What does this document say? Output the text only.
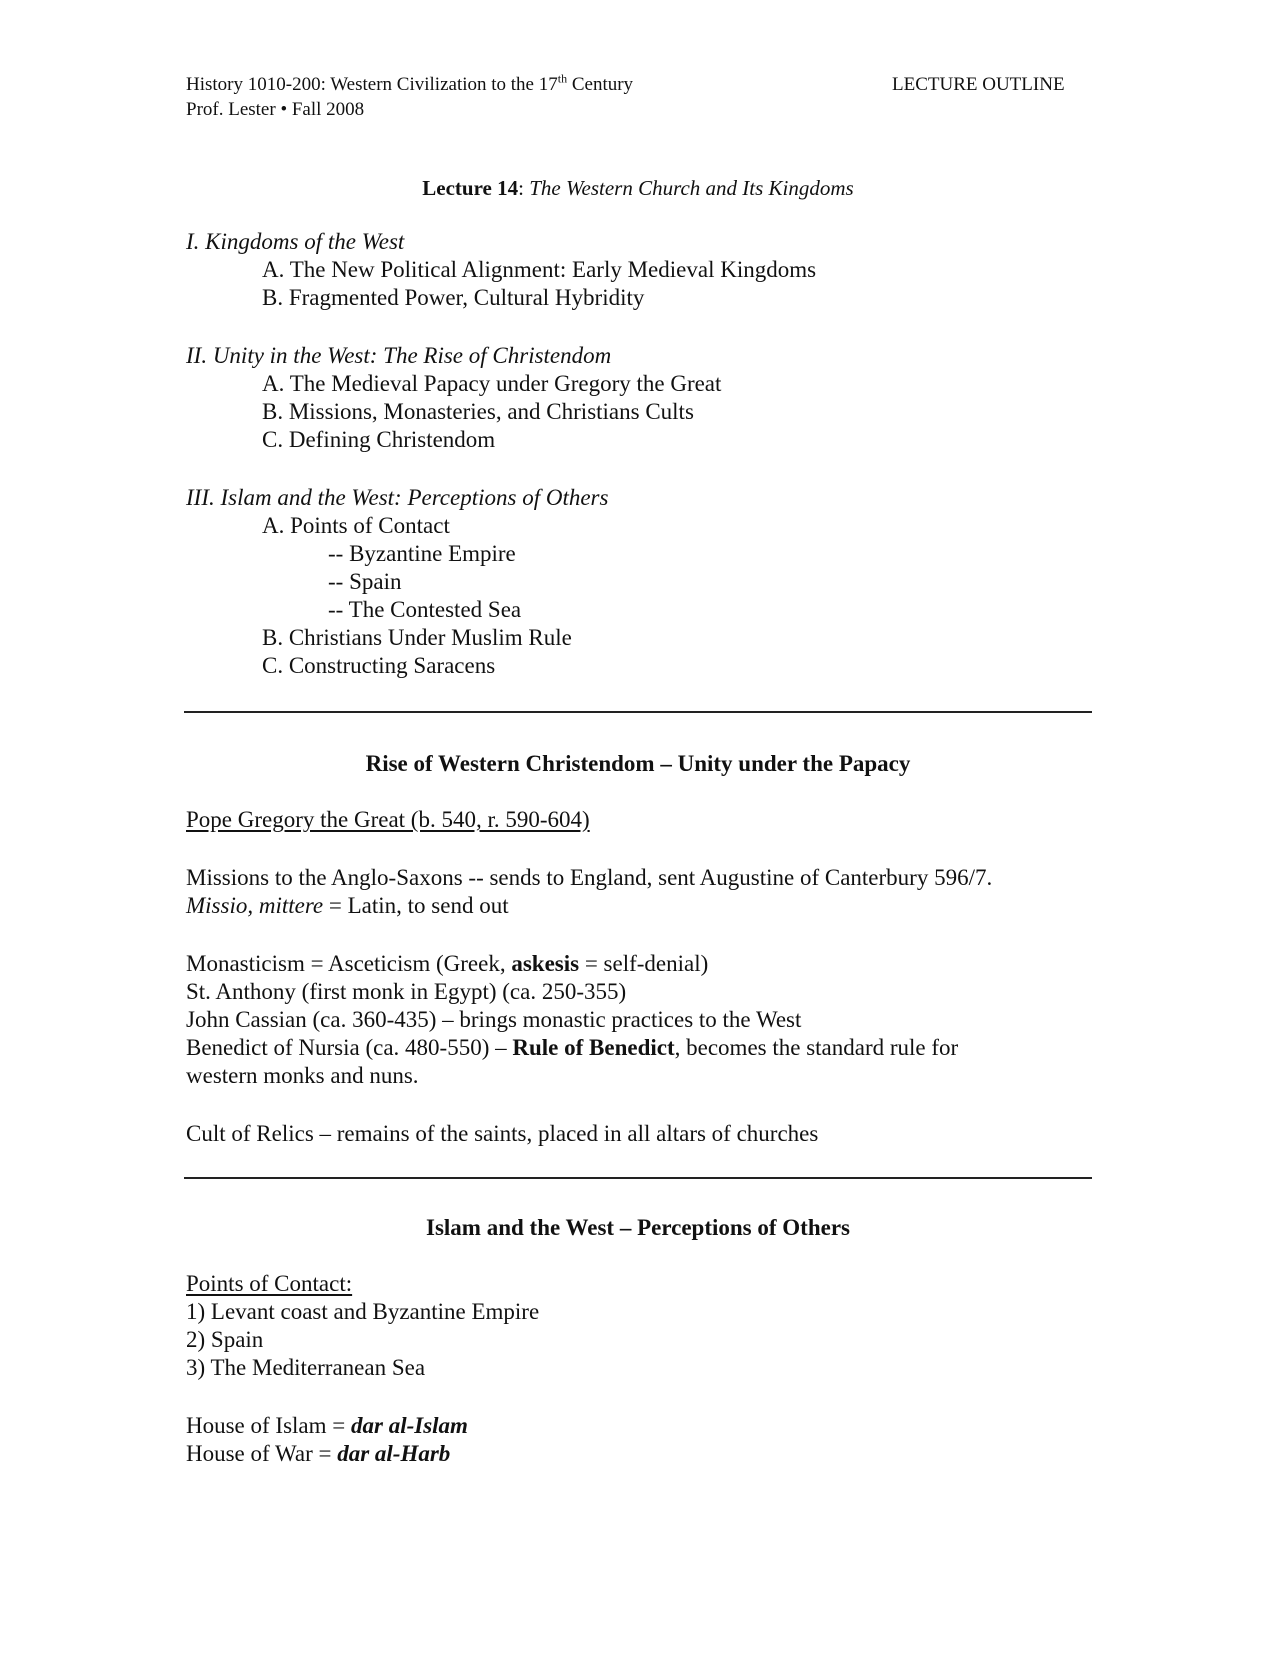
History 1010-200: Western Civilization to the 17th Century
Prof. Lester • Fall 2008
LECTURE OUTLINE
Lecture 14: The Western Church and Its Kingdoms
I. Kingdoms of the West
A. The New Political Alignment: Early Medieval Kingdoms
B. Fragmented Power, Cultural Hybridity
II. Unity in the West: The Rise of Christendom
A. The Medieval Papacy under Gregory the Great
B. Missions, Monasteries, and Christians Cults
C. Defining Christendom
III. Islam and the West: Perceptions of Others
A. Points of Contact
-- Byzantine Empire
-- Spain
-- The Contested Sea
B. Christians Under Muslim Rule
C. Constructing Saracens
Rise of Western Christendom – Unity under the Papacy
Pope Gregory the Great (b. 540, r. 590-604)
Missions to the Anglo-Saxons -- sends to England, sent Augustine of Canterbury 596/7.
Missio, mittere = Latin, to send out
Monasticism = Asceticism (Greek, askesis = self-denial)
St. Anthony (first monk in Egypt) (ca. 250-355)
John Cassian (ca. 360-435) – brings monastic practices to the West
Benedict of Nursia (ca. 480-550) – Rule of Benedict, becomes the standard rule for
western monks and nuns.
Cult of Relics – remains of the saints, placed in all altars of churches
Islam and the West – Perceptions of Others
Points of Contact:
1) Levant coast and Byzantine Empire
2) Spain
3) The Mediterranean Sea
House of Islam = dar al-Islam
House of War = dar al-Harb
